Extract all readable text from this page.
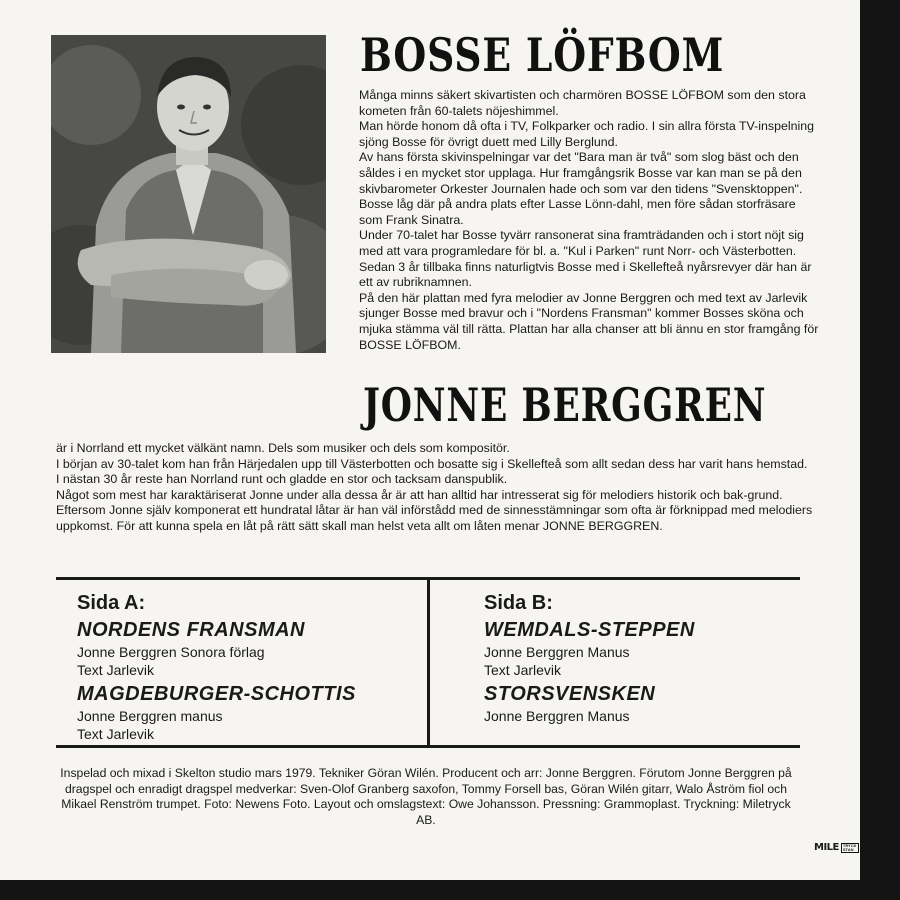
BOSSE LÖFBOM

Många minns säkert skivartisten och charmören BOSSE LÖFBOM som den stora kometen från 60-talets nöjeshimmel.

Man hörde honom då ofta i TV, Folkparker och radio. I sin allra första TV-inspelning sjöng Bosse för övrigt duett med Lilly Berglund.

Av hans första skivinspelningar var det "Bara man är två" som slog bäst och den såldes i en mycket stor upplaga. Hur framgångsrik Bosse var kan man se på den skivbarometer Orkester Journalen hade och som var den tidens "Svensktoppen". Bosse låg där på andra plats efter Lasse Lönn-dahl, men före sådan storfräsare som Frank Sinatra.

Under 70-talet har Bosse tyvärr ransonerat sina framträdanden och i stort nöjt sig med att vara programledare för bl. a. "Kul i Parken" runt Norr- och Västerbotten.

Sedan 3 år tillbaka finns naturligtvis Bosse med i Skellefteå nyårsrevyer där han är ett av rubriknamnen.

På den här plattan med fyra melodier av Jonne Berggren och med text av Jarlevik sjunger Bosse med bravur och i "Nordens Fransman" kommer Bosses sköna och mjuka stämma väl till rätta. Plattan har alla chanser att bli ännu en stor framgång för BOSSE LÖFBOM.

JONNE BERGGREN

är i Norrland ett mycket välkänt namn. Dels som musiker och dels som kompositör.

I början av 30-talet kom han från Härjedalen upp till Västerbotten och bosatte sig i Skellefteå som allt sedan dess har varit hans hemstad.

I nästan 30 år reste han Norrland runt och gladde en stor och tacksam danspublik.

Något som mest har karaktäriserat Jonne under alla dessa år är att han alltid har intresserat sig för melodiers historik och bak-grund.

Eftersom Jonne själv komponerat ett hundratal låtar är han väl införstådd med de sinnesstämningar som ofta är förknippad med melodiers uppkomst. För att kunna spela en låt på rätt sätt skall man helst veta allt om låten menar JONNE BERGGREN.

Sida A:
NORDENS FRANSMAN
Jonne Berggren Sonora förlag
Text Jarlevik
MAGDEBURGER-SCHOTTIS
Jonne Berggren manus
Text Jarlevik
Sida B:
WEMDALS-STEPPEN
Jonne Berggren Manus
Text Jarlevik
STORSVENSKEN
Jonne Berggren Manus
Inspelad och mixad i Skelton studio mars 1979. Tekniker Göran Wilén. Producent och arr: Jonne Berggren. Förutom Jonne Berggren på dragspel och enradigt dragspel medverkar: Sven-Olof Granberg saxofon, Tommy Forsell bas, Göran Wilén gitarr, Walo Åström fiol och Mikael Renström trumpet. Foto: Newens Foto. Layout och omslagstext: Owe Johansson. Pressning: Grammoplast. Tryckning: Miletryck AB.
MILE TRYCK
STAN
